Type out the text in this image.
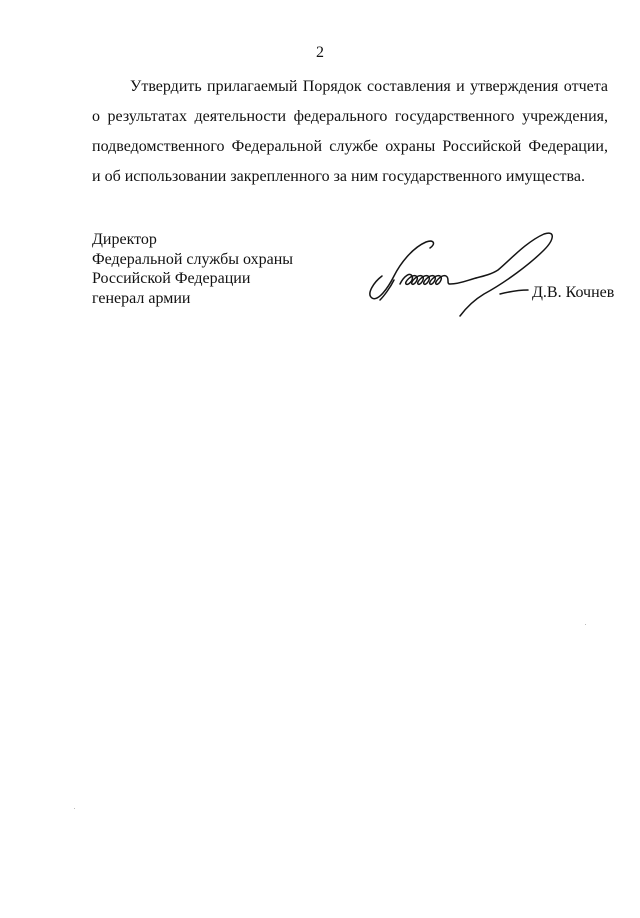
2

Утвердить прилагаемый Порядок составления и утверждения отчета
о результатах деятельности федерального государственного учреждения,
подведомственного Федеральной службе охраны Российской Федерации,
и об использовании закрепленного за ним государственного имущества.

Директор
Федеральной службы охраны
Российской Федерации
генерал армии	Д.В. Кочнев
